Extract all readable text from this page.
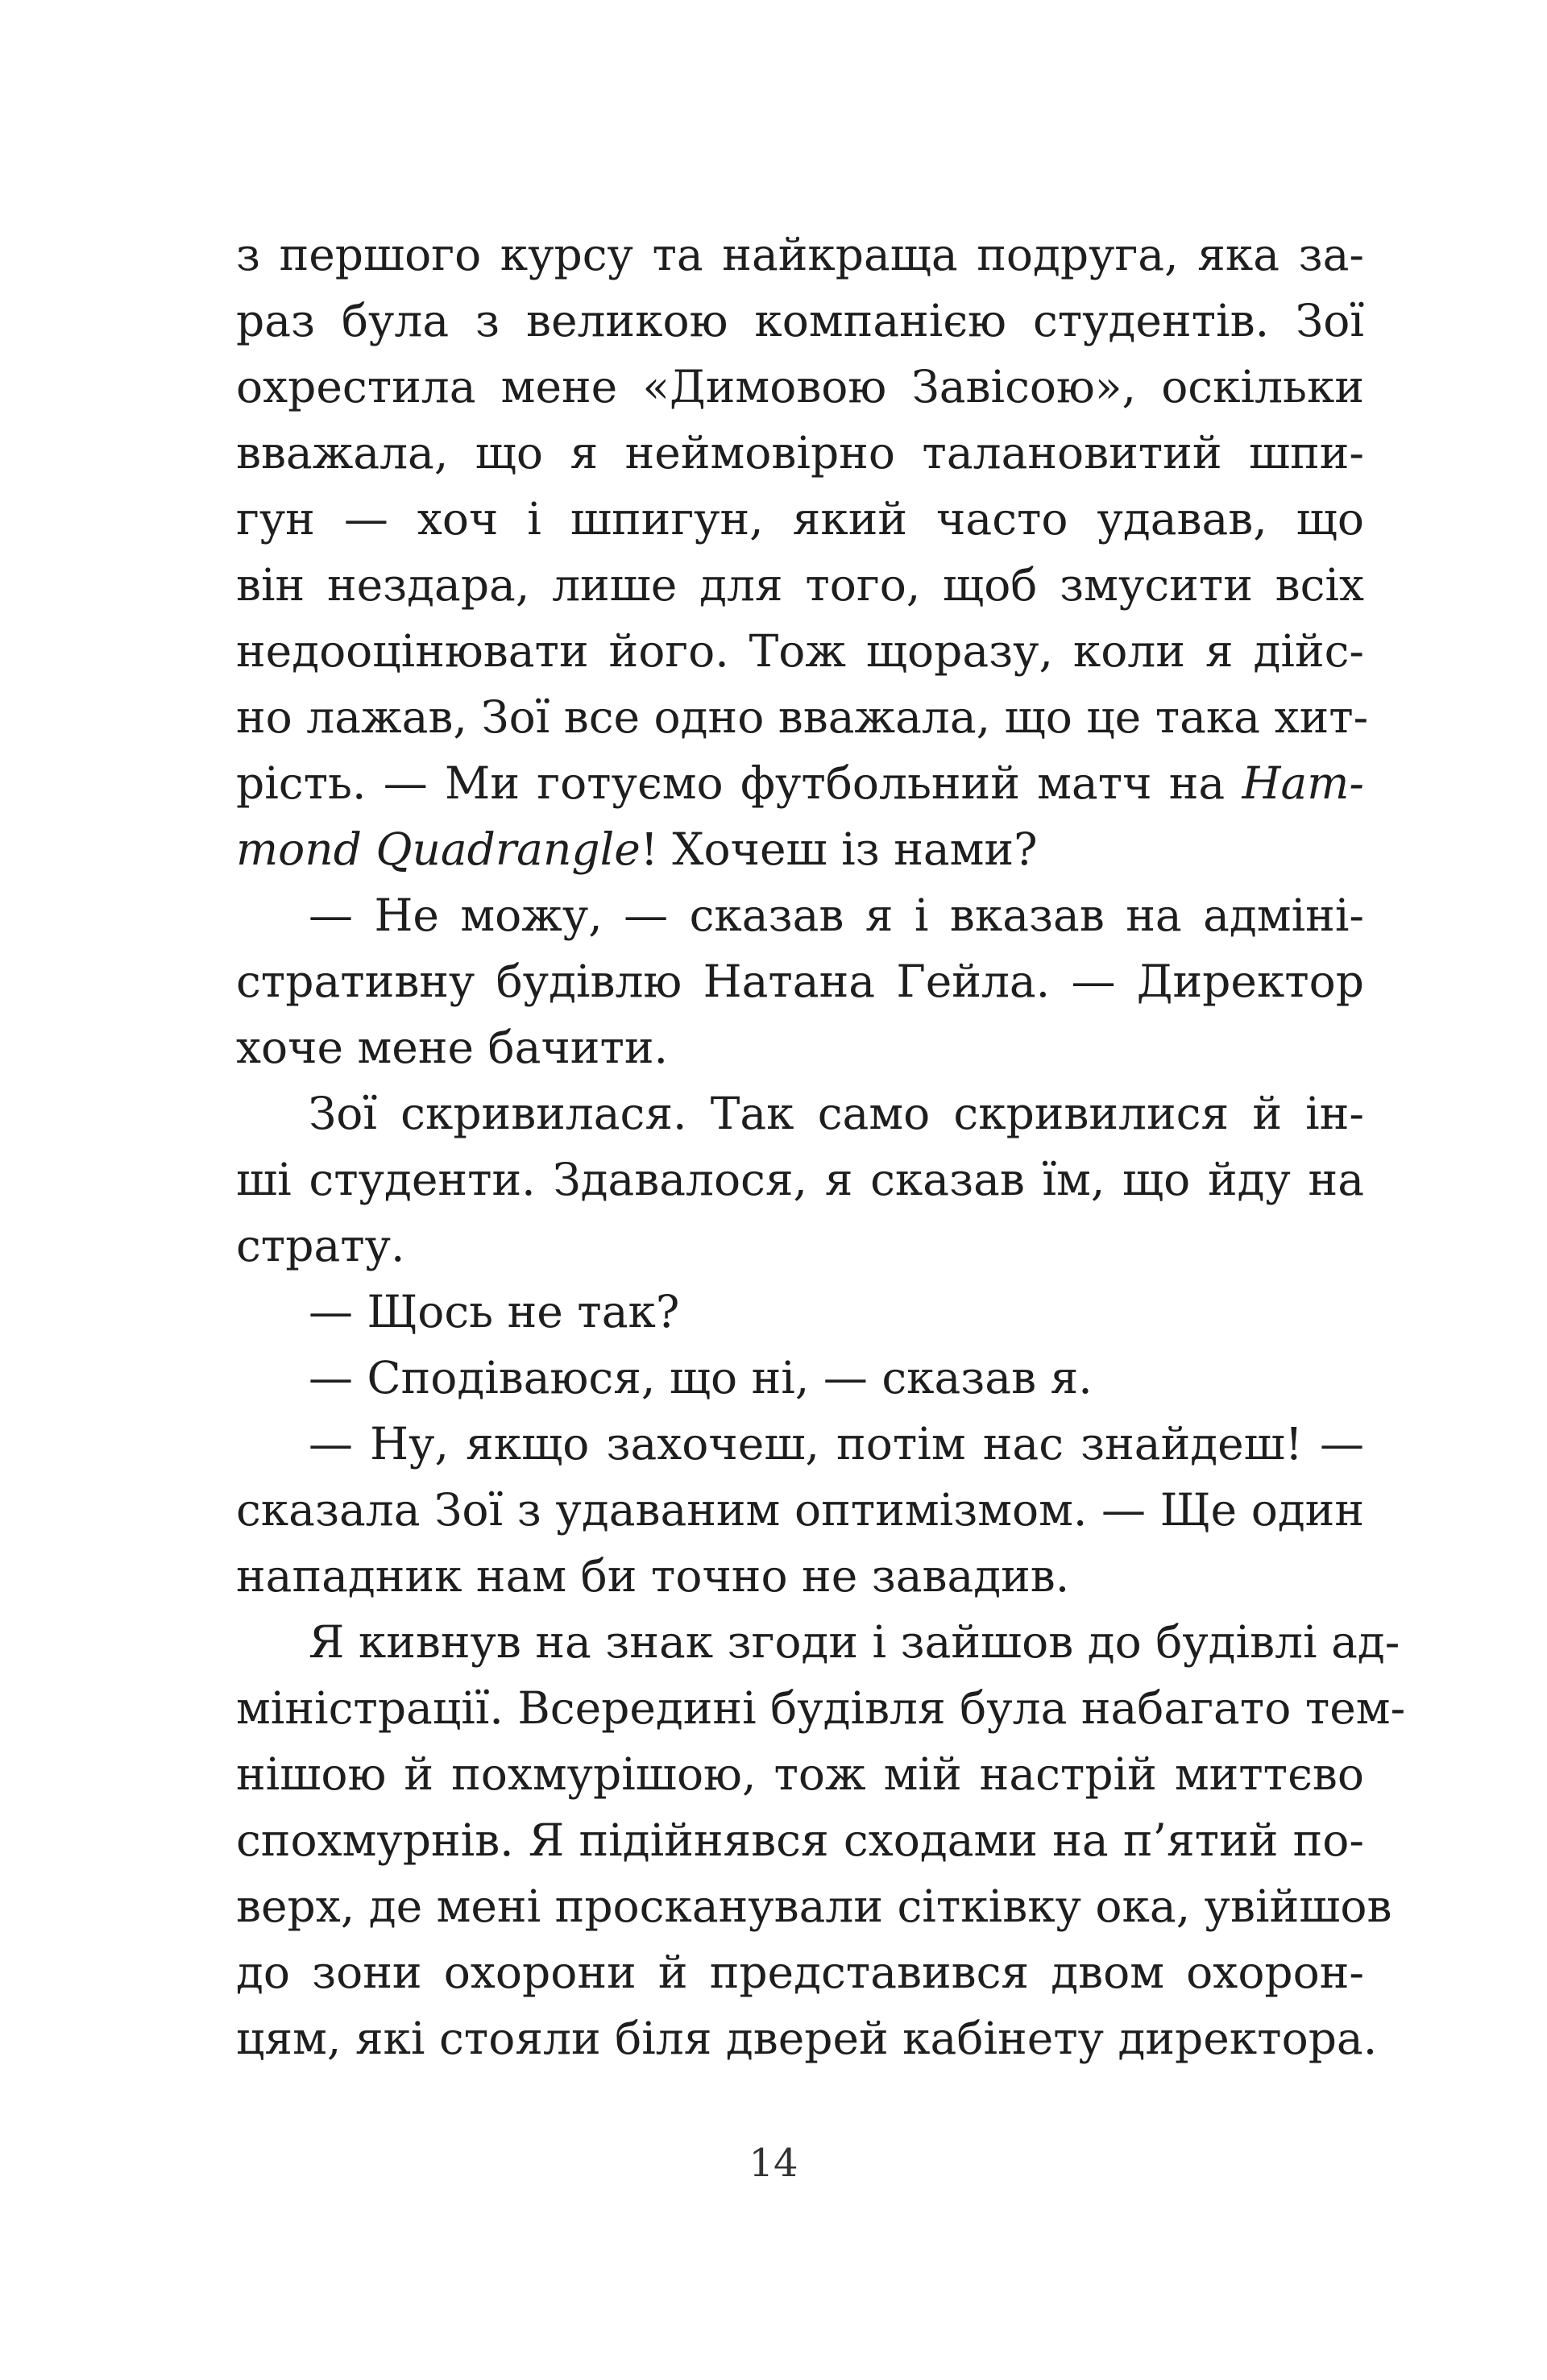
з першого курсу та найкраща подруга, яка за-
раз була з великою компанією студентів. Зої
охрестила мене «Димовою Завісою», оскільки
вважала, що я неймовірно талановитий шпи-
гун — хоч і шпигун, який часто удавав, що
він нездара, лише для того, щоб змусити всіх
недооцінювати його. Тож щоразу, коли я дійс-
но лажав, Зої все одно вважала, що це така хит-
рість. — Ми готуємо футбольний матч на Ham-
mond Quadrangle! Хочеш із нами?
— Не можу, — сказав я і вказав на адміні-
стративну будівлю Натана Гейла. — Директор
хоче мене бачити.
Зої скривилася. Так само скривилися й ін-
ші студенти. Здавалося, я сказав їм, що йду на
страту.
— Щось не так?
— Сподіваюся, що ні, — сказав я.
— Ну, якщо захочеш, потім нас знайдеш! —
сказала Зої з удаваним оптимізмом. — Ще один
нападник нам би точно не завадив.
Я кивнув на знак згоди і зайшов до будівлі ад-
міністрації. Всередині будівля була набагато тем-
нішою й похмурішою, тож мій настрій миттєво
спохмурнів. Я підійнявся сходами на п’ятий по-
верх, де мені просканували сітківку ока, увійшов
до зони охорони й представився двом охорон-
цям, які стояли біля дверей кабінету директора.
14
